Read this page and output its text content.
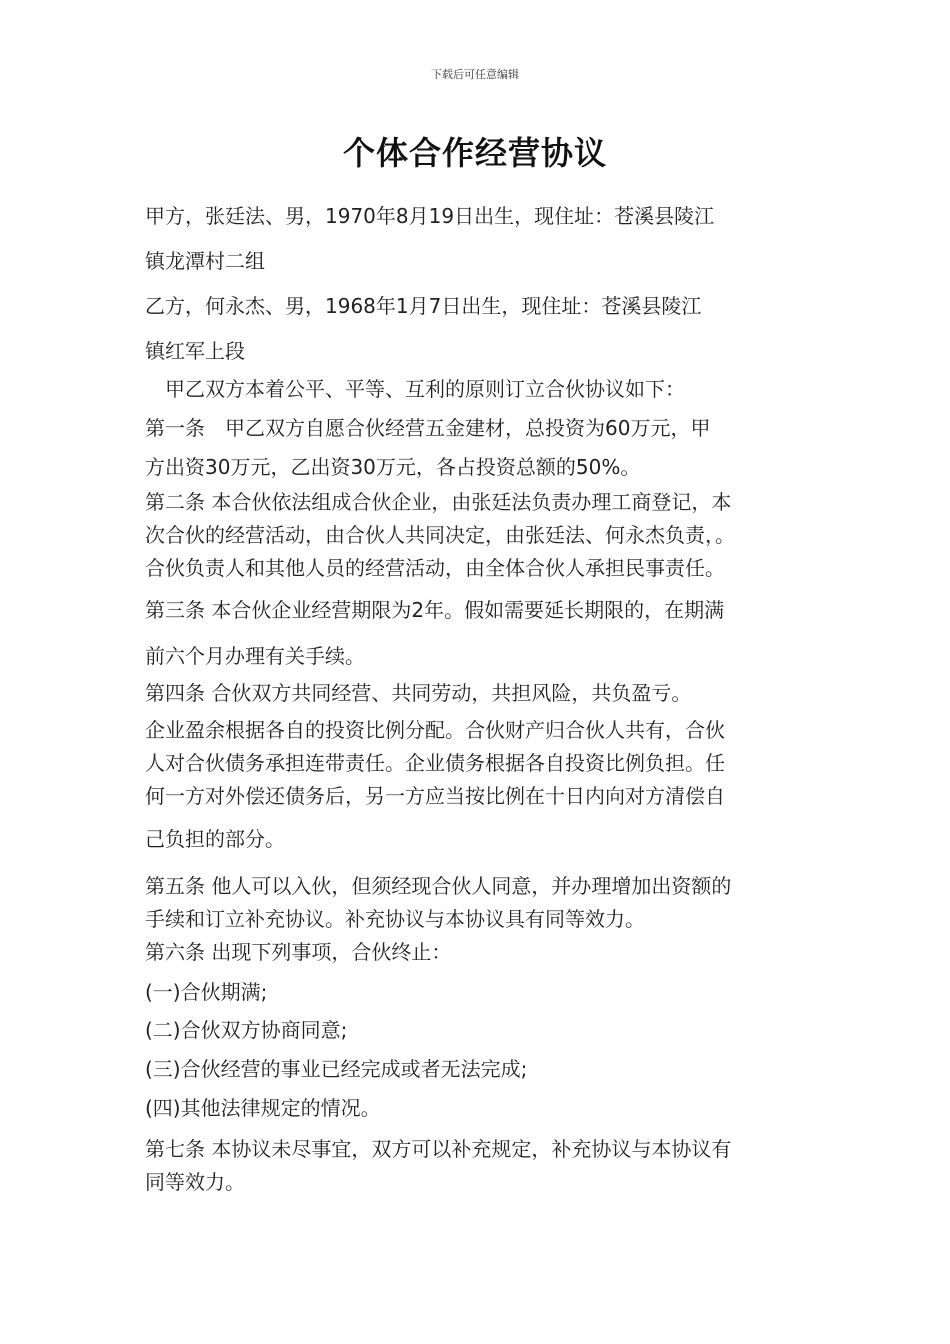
下载后可任意编辑
个体合作经营协议
甲方，张廷法、男，1970年8月19日出生，现住址：苍溪县陵江
镇龙潭村二组
乙方，何永杰、男，1968年1月7日出生，现住址：苍溪县陵江
镇红军上段
　甲乙双方本着公平、平等、互利的原则订立合伙协议如下：
第一条　甲乙双方自愿合伙经营五金建材，总投资为60万元，甲
方出资30万元，乙出资30万元，各占投资总额的50%。
第二条 本合伙依法组成合伙企业，由张廷法负责办理工商登记，本
次合伙的经营活动，由合伙人共同决定，由张廷法、何永杰负责，。
合伙负责人和其他人员的经营活动，由全体合伙人承担民事责任。
第三条 本合伙企业经营期限为2年。假如需要延长期限的，在期满
前六个月办理有关手续。
第四条 合伙双方共同经营、共同劳动，共担风险，共负盈亏。
企业盈余根据各自的投资比例分配。合伙财产归合伙人共有，合伙
人对合伙债务承担连带责任。企业债务根据各自投资比例负担。任
何一方对外偿还债务后，另一方应当按比例在十日内向对方清偿自
己负担的部分。
第五条 他人可以入伙，但须经现合伙人同意，并办理增加出资额的
手续和订立补充协议。补充协议与本协议具有同等效力。
第六条 出现下列事项，合伙终止：
(一)合伙期满;
(二)合伙双方协商同意;
(三)合伙经营的事业已经完成或者无法完成;
(四)其他法律规定的情况。
第七条 本协议未尽事宜，双方可以补充规定，补充协议与本协议有
同等效力。
